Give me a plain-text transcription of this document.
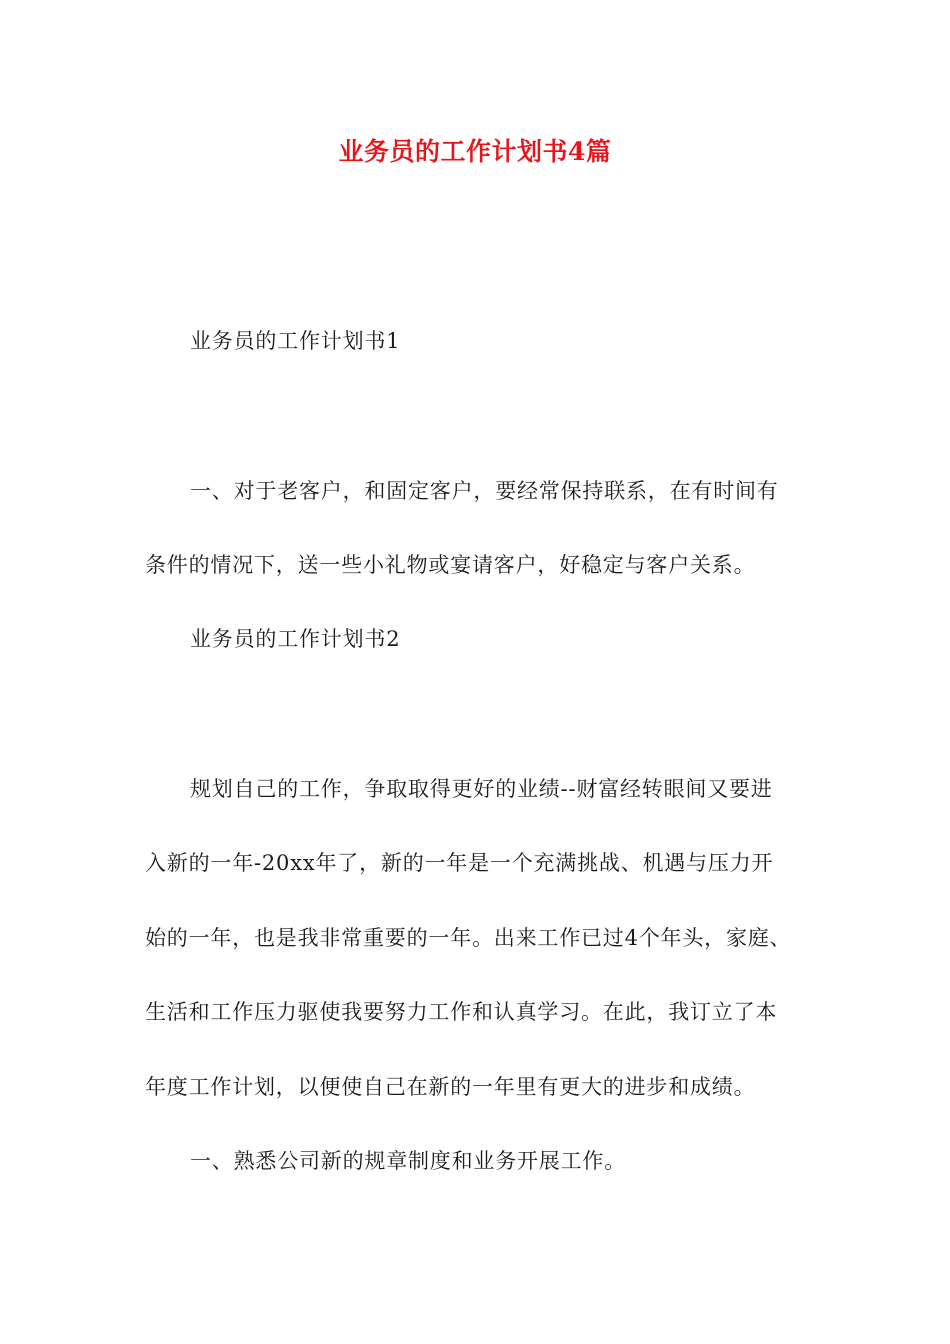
业务员的工作计划书4篇
业务员的工作计划书1
一、对于老客户，和固定客户，要经常保持联系，在有时间有
条件的情况下，送一些小礼物或宴请客户，好稳定与客户关系。
业务员的工作计划书2
规划自己的工作，争取取得更好的业绩--财富经转眼间又要进
入新的一年-20xx年了，新的一年是一个充满挑战、机遇与压力开
始的一年，也是我非常重要的一年。出来工作已过4个年头，家庭、
生活和工作压力驱使我要努力工作和认真学习。在此，我订立了本
年度工作计划，以便使自己在新的一年里有更大的进步和成绩。
一、熟悉公司新的规章制度和业务开展工作。
